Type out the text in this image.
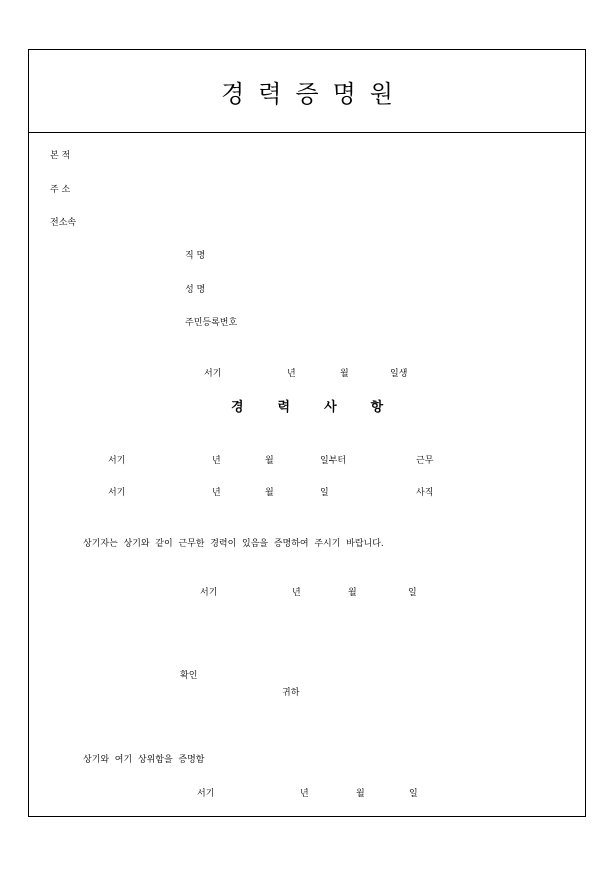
경력증명원
본 적
주 소
전소속
직 명
성 명
주민등록번호
서기	년	월	일생
경력사항
서기	년	월	일부터	근무
서기	년	월	일	사직
상기자는  상기와  같이  근무한  경력이  있음을  증명하여  주시기  바랍니다.
서기	년	월	일
확인
귀하
상기와  여기  상위함을  증명함
서기	년	월	일
